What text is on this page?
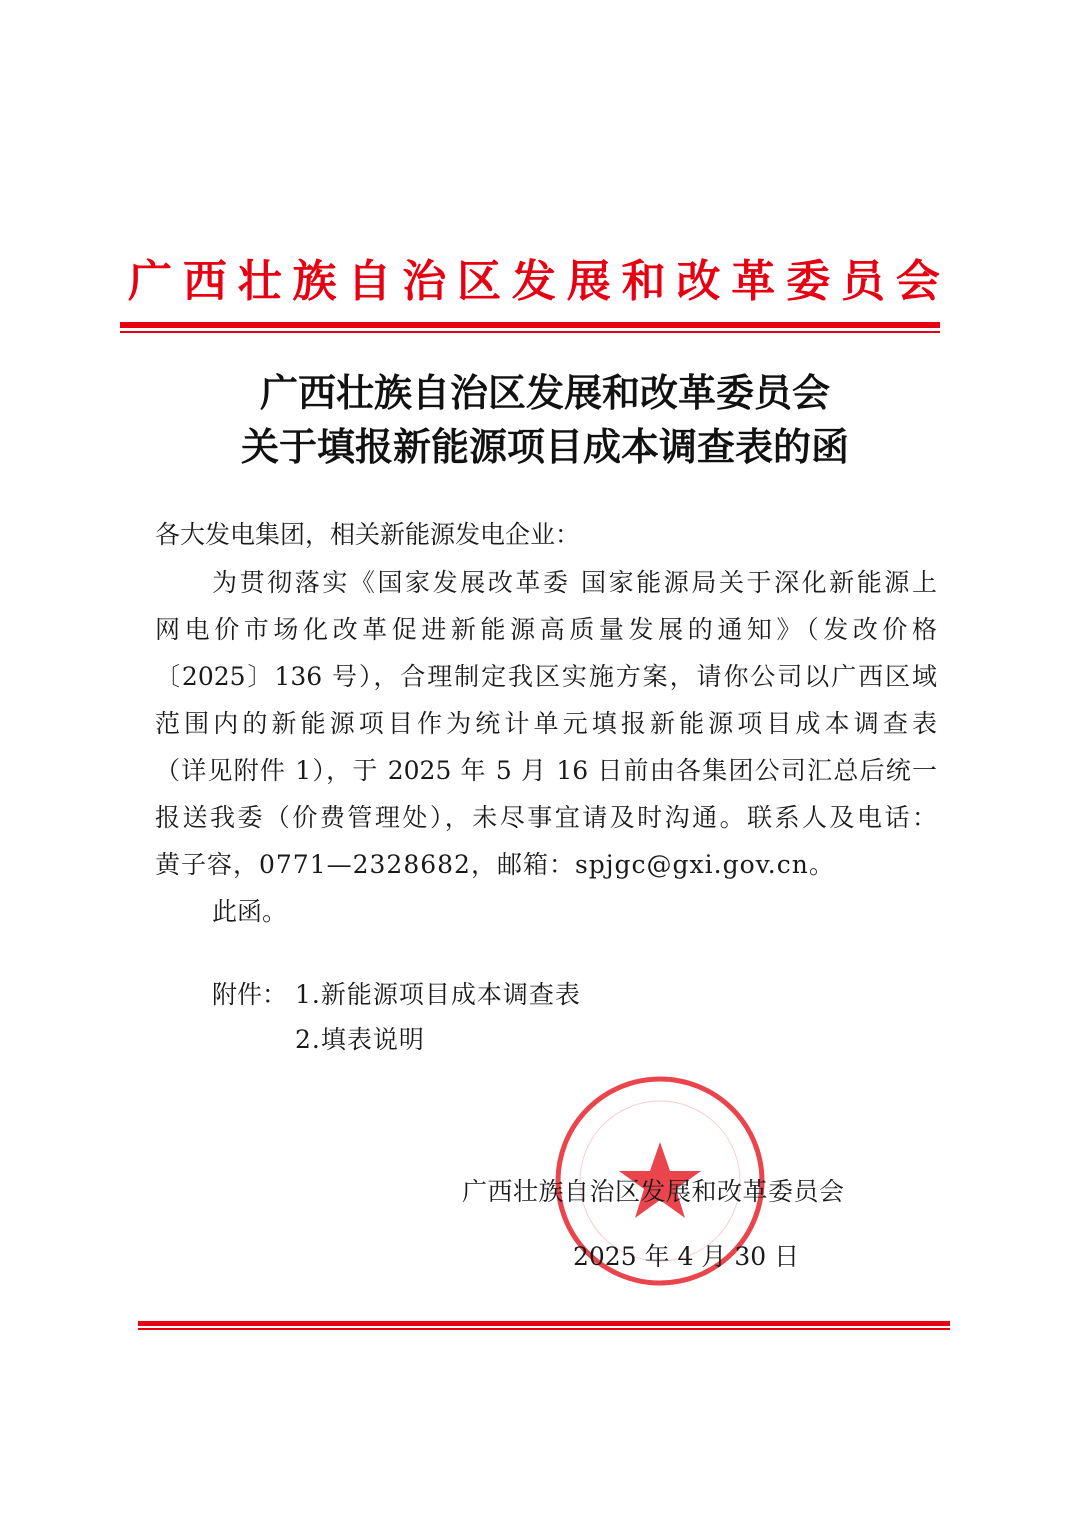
广 西 壮 族 自 治 区 发 展 和 改 革 委 员 会
广西壮族自治区发展和改革委员会
关于填报新能源项目成本调查表的函
各大发电集团，相关新能源发电企业：
为贯彻落实《国家发展改革委 国家能源局关于深化新能源上
网电价市场化改革促进新能源高质量发展的通知》（发改价格
〔2025〕136 号），合理制定我区实施方案，请你公司以广西区域
范围内的新能源项目作为统计单元填报新能源项目成本调查表
（详见附件 1），于 2025 年 5 月 16 日前由各集团公司汇总后统一
报送我委（价费管理处），未尽事宜请及时沟通。联系人及电话：
黄子容，0771—2328682，邮箱：spjgc@gxi.gov.cn。
此函。
附件： 1.新能源项目成本调查表
2.填表说明
广西壮族自治区发展和改革委员会
2025 年 4 月 30 日
